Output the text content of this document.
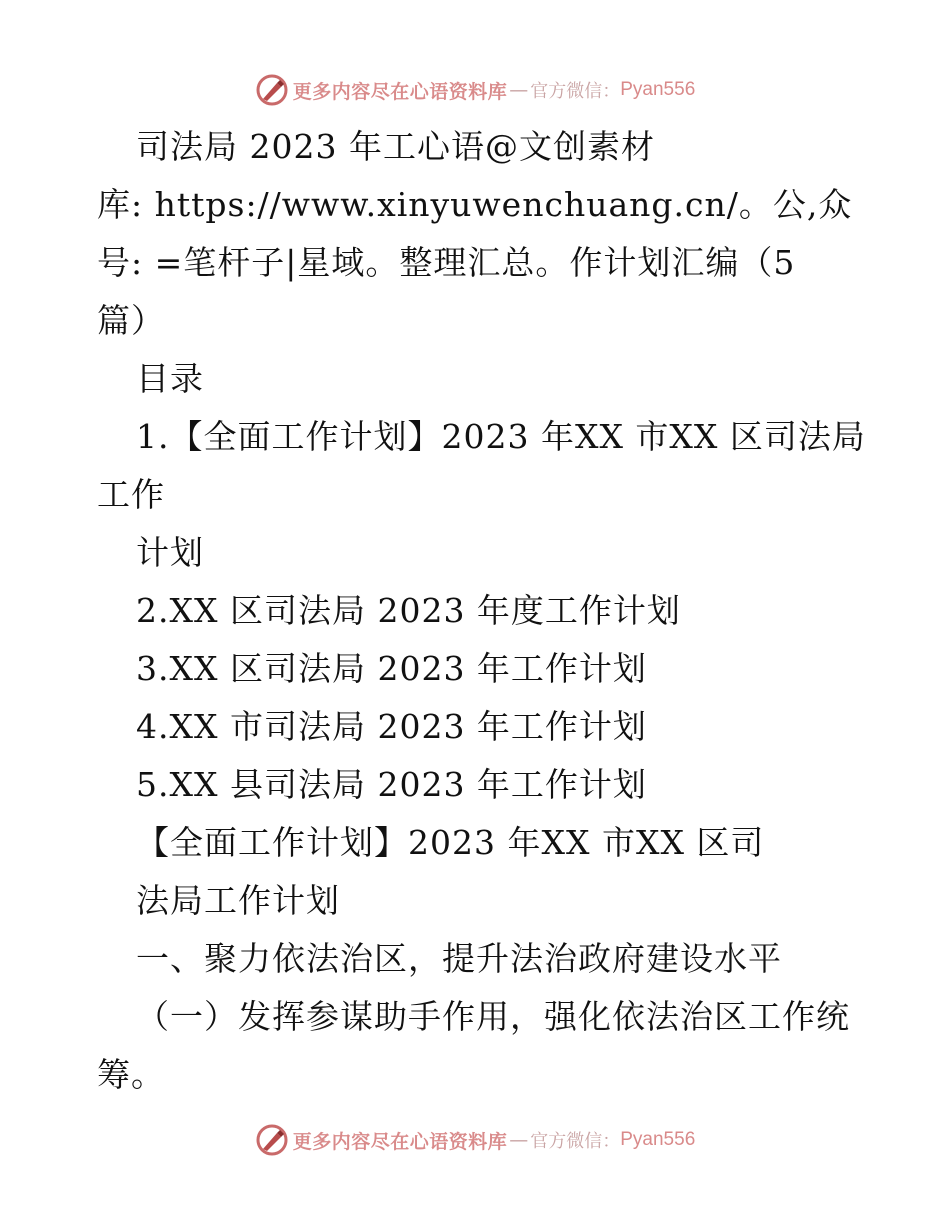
更多内容尽在心语资料库 — 官方微信： Pyan556
司法局 2023 年工心语@文创素材
库: https://www.xinyuwenchuang.cn/。公,众
号: =笔杆子|星域。整理汇总。作计划汇编（5
篇）
目录
1.【全面工作计划】2023 年XX 市XX 区司法局
工作
计划
2.XX 区司法局 2023 年度工作计划
3.XX 区司法局 2023 年工作计划
4.XX 市司法局 2023 年工作计划
5.XX 县司法局 2023 年工作计划
【全面工作计划】2023 年XX 市XX 区司
法局工作计划
一、聚力依法治区，提升法治政府建设水平
（一）发挥参谋助手作用，强化依法治区工作统
筹。
更多内容尽在心语资料库 — 官方微信： Pyan556
